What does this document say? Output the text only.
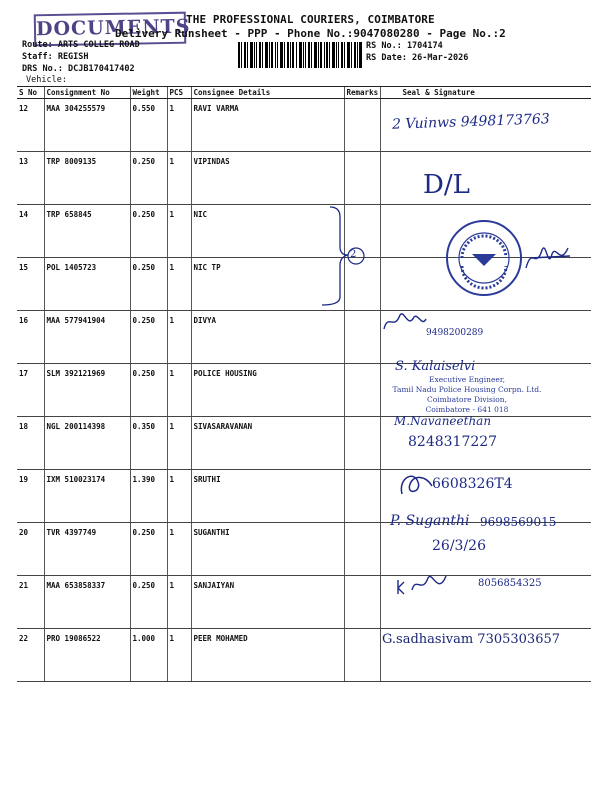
DOCUMENTS
THE PROFESSIONAL COURIERS, COIMBATORE
Delivery Runsheet - PPP - Phone No.:9047080280 - Page No.:2
Route: ARTS COLLEG ROAD
Staff: REGISH
DRS No.: DCJB170417402
Vehicle:
RS No.: 1704174
RS Date: 26-Mar-2026
S No	Consignment No	Weight	PCS	Consignee Details	Remarks	Seal & Signature
12	MAA 304255579	0.550	1	RAVI VARMA		
13	TRP 8009135	0.250	1	VIPINDAS		
14	TRP 658845	0.250	1	NIC		
15	POL 1405723	0.250	1	NIC TP		
16	MAA 577941904	0.250	1	DIVYA		
17	SLM 392121969	0.250	1	POLICE HOUSING		
18	NGL 200114398	0.350	1	SIVASARAVANAN		
19	IXM 510023174	1.390	1	SRUTHI		
20	TVR 4397749	0.250	1	SUGANTHI		
21	MAA 653858337	0.250	1	SANJAIYAN		
22	PRO 19086522	1.000	1	PEER MOHAMED		
2 Vuinws 9498173763
D/L
2
9498200289
S. Kalaiselvi
Executive Engineer,
Tamil Nadu Police Housing Corpn. Ltd.
Coimbatore Division,
Coimbatore - 641 018
M.Navaneethan
8248317227
6608326T4
P. Suganthi 9698569015
26/3/26
8056854325
G.sadhasivam 7305303657
